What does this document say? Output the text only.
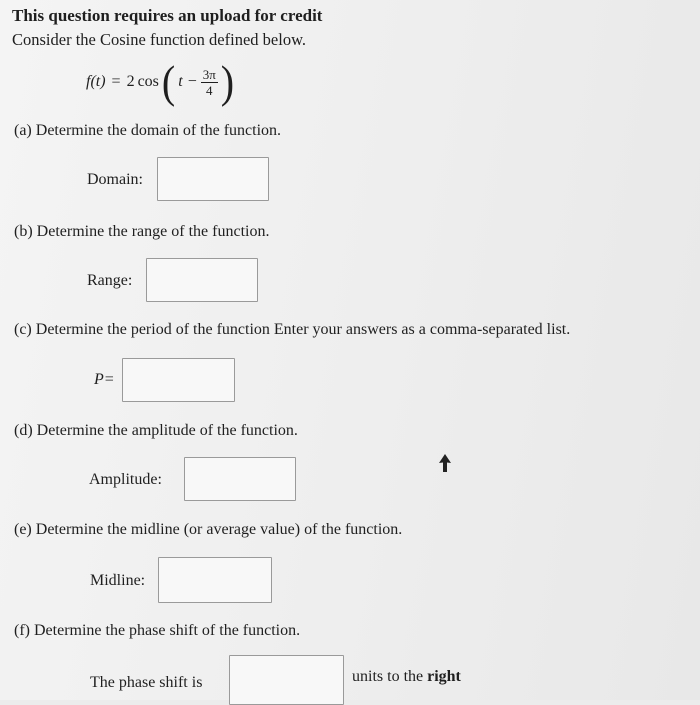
This question requires an upload for credit
Consider the Cosine function defined below.
f(t) = 2 cos ( $t - \frac{3\pi}{4}$ )
(a) Determine the domain of the function.
Domain:
(b) Determine the range of the function.
Range:
(c) Determine the period of the function Enter your answers as a comma-separated list.
P=
(d) Determine the amplitude of the function.
Amplitude:
(e) Determine the midline (or average value) of the function.
Midline:
(f) Determine the phase shift of the function.
The phase shift is	units to the right
